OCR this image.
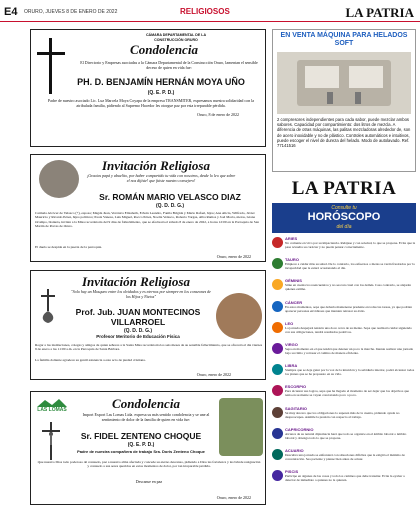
E4 ORURO, JUEVES 8 DE ENERO DE 2022	RELIGIOSOS	LA PATRIA
CÁMARA DEPARTAMENTAL DE LA CONSTRUCCIÓN ORURO
Condolencia
El Directorio y Empresas asociadas a la Cámara Departamental de la Construcción Oruro, lamentan el sensible deceso de quien en vida fue:
PH. D. BENJAMÍN HERNÁN MOYA UÑO
(Q. E. P. D.)
Padre de nuestro asociado Lic. Luz Marcela Moya Coyapa de la empresa TRANSMITER, expresamos nuestra solidaridad con la atribulada familia, pidiendo al Supremo Hacedor les otorgue paz por esta irreparable pérdida.
Oruro, 8 de enero de 2022
Invitación Religiosa
¡Gracias papá y abuelito, por haber compartido tu vida con nosotros, desde lo leo que sobre el nos dijiste! que fuiste nuestro consejero!
Sr. ROMÁN MARIO VELASCO DIAZ
(Q. D. D. G.)
Carmela Alcócer de Velasco (+), esposa; Magda Juan, Verónica Elizabeth, Edwin Leandro, Fanila Brígida y Mario Rafael, hijos; Ana Alicia, Wilfredo, Javier Mauricio y Ricardo Pérez, hijos políticos; Paola Vanesa, Luis Miguel, Rocco Pérez, Noelia Velasco, Roberto Vargas, Alba Ramos y Joel Morta, nietos, Giana Ocampo, bisnieta, invitan a la Misa recordatoria del 9 días de fallecimiento, que se efectuará el sábado 8 de enero de 2022, a horas 12:00 en la Parroquia de San Martín de Porras de Oruro.
El duelo se despide en la puerta de la parroquia.
Oruro, enero de 2022
Invitación Religiosa
"Solo hay un Mosqueo entre los olvidados y es eternos por siempre en los corazones de los Hijos y Nietos"
Prof. Jub. JUAN MONTECINOS
VILLARROEL
(Q. D. D. G.)
Profesor Meritorio de Educación Física
Rogar a las instituciones, colegas y amigos de quien señores a la Santa Misa recordatoria los seis meses de su sensible fallecimiento, que se ofrecerá el día viernes 9 de enero a las 11:00 a.m. en la Parroquia de Santa Bárbara.
La familia doliente agradece su gentil asistencia a este acto de piedad cristiana.
Oruro, enero de 2022
LAS LOMAS	Condolencia
Import Export Las Lomas Ltda. expresa su más sentido condolencia y se une al sentimiento de dolor de la familia de quien en vida fue:
Sr. FIDEL ZENTENO CHOQUE
(Q. E. P. D.)
Padre de nuestra compañera de trabajo Sra. Doris Zenteno Choque
Que nuestro Dios todo poderoso dé consuelo, paz a nuestro alma afectada y concede su eterno descanso, pidiendo a Dios les fortalezca y les brinde resignación y consuelo a sus seres queridos en estos momentos de dolor, por tan irreparable pérdida.
Descanse en paz
Oruro, enero de 2022
EN VENTA MÁQUINA PARA HELADOS SOFT
2 compresores independientes para cada sabor, puede mezclar ambos sabores. Capacidad por compartimiento: dos litros de mezcla. A diferencia de otras máquinas, las palitas mezcladoras alrededor de, son de acero inoxidable y no de plástico. Controles automáticos e intuitivos, puede escoger el nivel de dureza del helado. Modo de autolavado. Ref. 77141516
LA PATRIA
Consulte tu
HORÓSCOPO
del día
ARIES
No comente en vivo por su impaciencia. Relájese y con soledad, lo que se propone. Evite que la pasa revuelta su carácter y no pueda pensar correctamente.
TAURO
Empiece a cuidar más su salud. De lo contrario, los esfuerzos o metas se verán frustrados por la incapacidad que le estará ocasionando el día.
GÉMINIS
Sitúe en cuenta los reencuentros y no sea tan cruel con los demás. Caso contrario, se alejarán quienes estima.
CÁNCER
En estos momentos, sepa que debería mantenerse prudente en todas las tareas, ya que podrían aparecer personas envidiosas que intenten retrasar su éxito.
LEO
La jornada despejará tensión una doce cerca de su mente. Sepa que realizará cuidar siguiendo con sus obligaciones, tendrá resultados positivos.
VIRGO
Sepa en momento en el que tendrá que detener un poco la marcha. Intente realizar una jornada bajo su ritmo y retrasar el camino de manera eficiente.
LIBRA
Siempre que se deje guiar por la voz de la intuición y la sabiduría interior, podrá alcanzar todos los planes que se ha propuesto en su vida.
ESCORPIO
Para alcanzar sus logros, sepa que ha llegado el momento de ser dejar que los objetivos que tenía en su mente se vayan concretando poco a poco.
SAGITARIO
Sé muy sincero que los obligaciones lo superen más de la cuenta, pidiendo ayuda no despreocupes. Asimile la presión con respecto al trabajo.
CAPRICORNIO
Alcance de su natural diplomacia hará que todo se organice en el ámbito laboral o ámbito laboral y obtenga todo lo que se propone.
ACUARIO
Descubra una jornada se enfrentará con situaciones difíciles que le exigirá el máximo de concentración. Sea paciente y piense bien antes de actuar.
PISCIS
Participe en algunas de las cosas y todo los caminos que debe transitar. Evite la eyaber a detectar de inmediato a quienes no le quieren.
